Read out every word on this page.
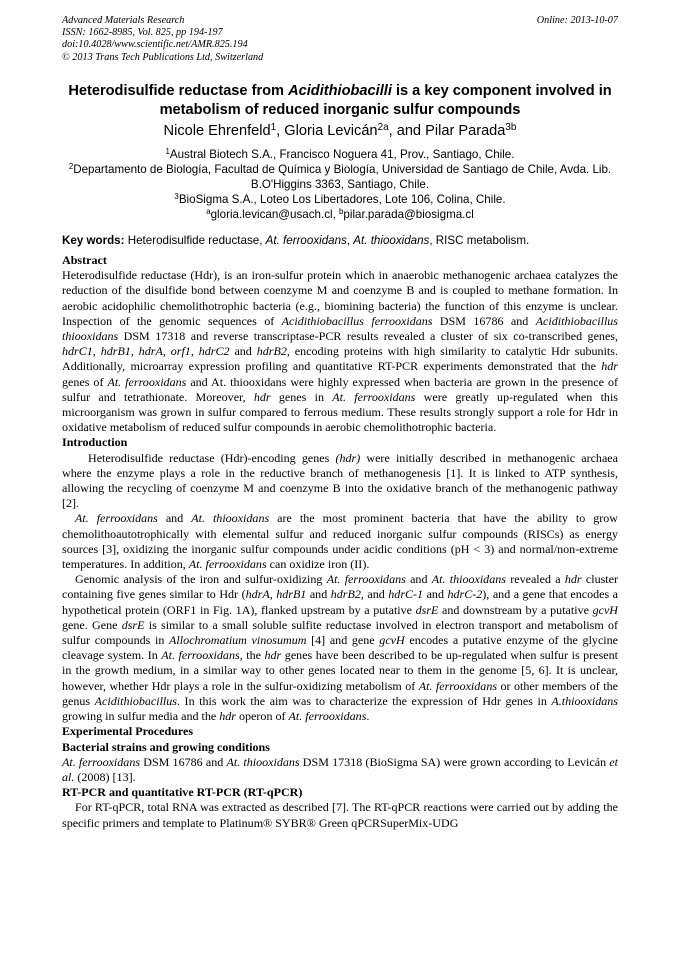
Advanced Materials Research
ISSN: 1662-8985, Vol. 825, pp 194-197
doi:10.4028/www.scientific.net/AMR.825.194
© 2013 Trans Tech Publications Ltd, Switzerland
Online: 2013-10-07
Heterodisulfide reductase from Acidithiobacilli is a key component involved in metabolism of reduced inorganic sulfur compounds
Nicole Ehrenfeld$^1$, Gloria Levicán$^{2a}$, and Pilar Parada$^{3b}$
$^1$Austral Biotech S.A., Francisco Noguera 41, Prov., Santiago, Chile.
$^2$Departamento de Biología, Facultad de Química y Biología, Universidad de Santiago de Chile, Avda. Lib. B.O'Higgins 3363, Santiago, Chile.
$^3$BioSigma S.A., Loteo Los Libertadores, Lote 106, Colina, Chile.
$^a$gloria.levican@usach.cl, $^b$pilar.parada@biosigma.cl
Key words: Heterodisulfide reductase, At. ferrooxidans, At. thiooxidans, RISC metabolism.
Abstract

Heterodisulfide reductase (Hdr), is an iron-sulfur protein which in anaerobic methanogenic archaea catalyzes the reduction of the disulfide bond between coenzyme M and coenzyme B and is coupled to methane formation. In aerobic acidophilic chemolithotrophic bacteria (e.g., biomining bacteria) the function of this enzyme is unclear. Inspection of the genomic sequences of Acidithiobacillus ferrooxidans DSM 16786 and Acidithiobacillus thiooxidans DSM 17318 and reverse transcriptase-PCR results revealed a cluster of six co-transcribed genes, hdrC1, hdrB1, hdrA, orf1, hdrC2 and hdrB2, encoding proteins with high similarity to catalytic Hdr subunits. Additionally, microarray expression profiling and quantitative RT-PCR experiments demonstrated that the hdr genes of At. ferrooxidans and At. thiooxidans were highly expressed when bacteria are grown in the presence of sulfur and tetrathionate. Moreover, hdr genes in At. ferrooxidans were greatly up-regulated when this microorganism was grown in sulfur compared to ferrous medium. These results strongly support a role for Hdr in oxidative metabolism of reduced sulfur compounds in aerobic chemolithotrophic bacteria.

Introduction

Heterodisulfide reductase (Hdr)-encoding genes (hdr) were initially described in methanogenic archaea where the enzyme plays a role in the reductive branch of methanogenesis [1]. It is linked to ATP synthesis, allowing the recycling of coenzyme M and coenzyme B into the oxidative branch of the methanogenic pathway [2].

At. ferrooxidans and At. thiooxidans are the most prominent bacteria that have the ability to grow chemolithoautotrophically with elemental sulfur and reduced inorganic sulfur compounds (RISCs) as energy sources [3], oxidizing the inorganic sulfur compounds under acidic conditions (pH < 3) and normal/non-extreme temperatures. In addition, At. ferrooxidans can oxidize iron (II).

Genomic analysis of the iron and sulfur-oxidizing At. ferrooxidans and At. thiooxidans revealed a hdr cluster containing five genes similar to Hdr (hdrA, hdrB1 and hdrB2, and hdrC-1 and hdrC-2), and a gene that encodes a hypothetical protein (ORF1 in Fig. 1A), flanked upstream by a putative dsrE and downstream by a putative gcvH gene. Gene dsrE is similar to a small soluble sulfite reductase involved in electron transport and metabolism of sulfur compounds in Allochromatium vinosumum [4] and gene gcvH encodes a putative enzyme of the glycine cleavage system. In At. ferrooxidans, the hdr genes have been described to be up-regulated when sulfur is present in the growth medium, in a similar way to other genes located near to them in the genome [5, 6]. It is unclear, however, whether Hdr plays a role in the sulfur-oxidizing metabolism of At. ferrooxidans or other members of the genus Acidithiobacillus. In this work the aim was to characterize the expression of Hdr genes in A.thiooxidans growing in sulfur media and the hdr operon of At. ferrooxidans.

Experimental Procedures
Bacterial strains and growing conditions

At. ferrooxidans DSM 16786 and At. thiooxidans DSM 17318 (BioSigma SA) were grown according to Levicán et al. (2008) [13].

RT-PCR and quantitative RT-PCR (RT-qPCR)

For RT-qPCR, total RNA was extracted as described [7]. The RT-qPCR reactions were carried out by adding the specific primers and template to Platinum® SYBR® Green qPCRSuperMix-UDG
